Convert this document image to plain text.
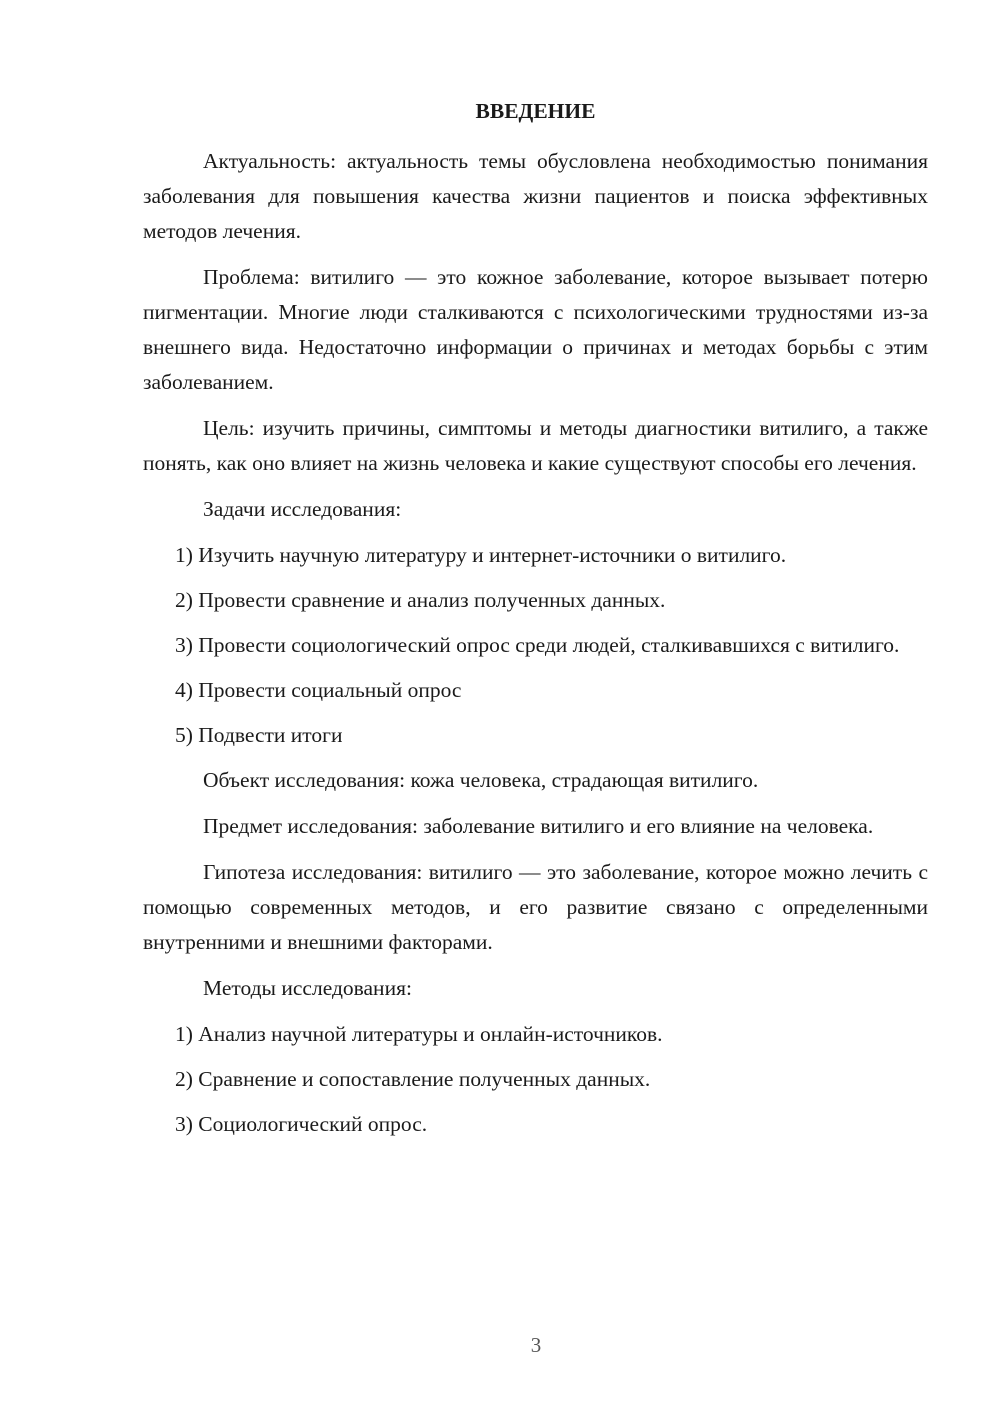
ВВЕДЕНИЕ

Актуальность: актуальность темы обусловлена необходимостью понимания заболевания для повышения качества жизни пациентов и поиска эффективных методов лечения.

Проблема: витилиго — это кожное заболевание, которое вызывает потерю пигментации. Многие люди сталкиваются с психологическими трудностями из-за внешнего вида. Недостаточно информации о причинах и методах борьбы с этим заболеванием.

Цель: изучить причины, симптомы и методы диагностики витилиго, а также понять, как оно влияет на жизнь человека и какие существуют способы его лечения.

Задачи исследования:

1) Изучить научную литературу и интернет-источники о витилиго.

2) Провести сравнение и анализ полученных данных.

3) Провести социологический опрос среди людей, сталкивавшихся с витилиго.

4) Провести социальный опрос

5) Подвести итоги

Объект исследования: кожа человека, страдающая витилиго.

Предмет исследования: заболевание витилиго и его влияние на человека.

Гипотеза исследования: витилиго — это заболевание, которое можно лечить с помощью современных методов, и его развитие связано с определенными внутренними и внешними факторами.

Методы исследования:

1) Анализ научной литературы и онлайн-источников.

2) Сравнение и сопоставление полученных данных.

3) Социологический опрос.

3
